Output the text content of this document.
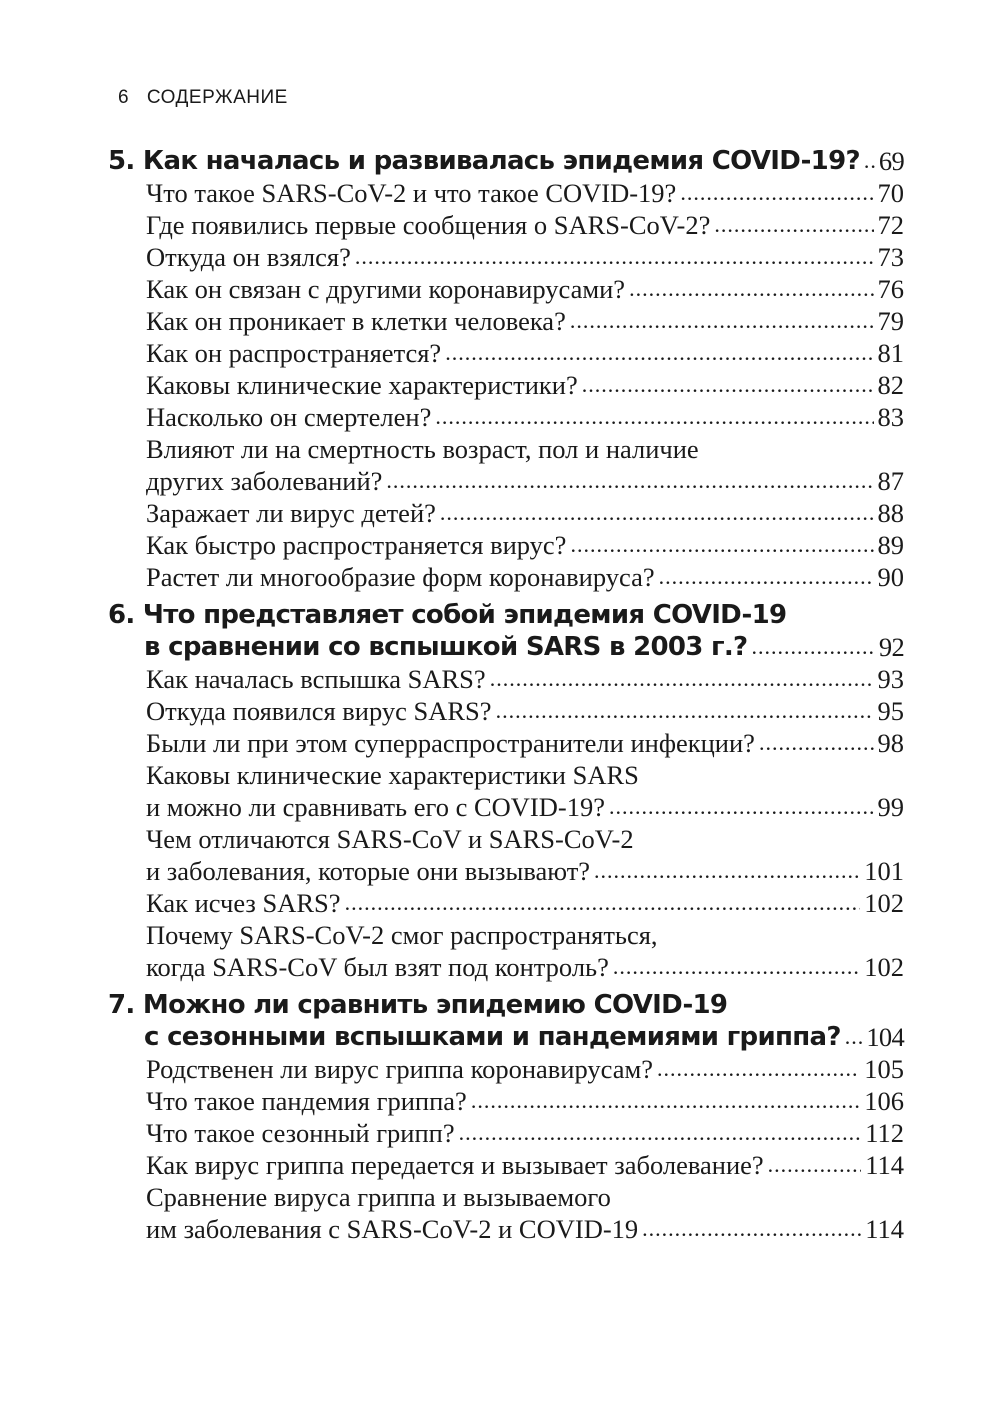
6 СОДЕРЖАНИЕ
5. Как началась и развивалась эпидемия COVID-19? ..... 69
Что такое SARS-CoV-2 и что такое COVID-19? .....	70
Где появились первые сообщения о SARS-CoV-2? .....	72
Откуда он взялся? .....	73
Как он связан с другими коронавирусами? .....	76
Как он проникает в клетки человека? .....	79
Как он распространяется? .....	81
Каковы клинические характеристики? .....	82
Насколько он смертелен? .....	83
Влияют ли на смертность возраст, пол и наличие
других заболеваний? .....	87
Заражает ли вирус детей? .....	88
Как быстро распространяется вирус? .....	89
Растет ли многообразие форм коронавируса? .....	90
6. Что представляет собой эпидемия COVID-19
в сравнении со вспышкой SARS в 2003 г.? .....	92
Как началась вспышка SARS? .....	93
Откуда появился вирус SARS? .....	95
Были ли при этом суперраспространители инфекции? .....	98
Каковы клинические характеристики SARS
и можно ли сравнивать его с COVID-19? .....	99
Чем отличаются SARS-CoV и SARS-CoV-2
и заболевания, которые они вызывают? .....	101
Как исчез SARS? .....	102
Почему SARS-CoV-2 смог распространяться,
когда SARS-CoV был взят под контроль? .....	102
7. Можно ли сравнить эпидемию COVID-19
с сезонными вспышками и пандемиями гриппа? ..... 104
Родственен ли вирус гриппа коронавирусам? .....	105
Что такое пандемия гриппа? .....	106
Что такое сезонный грипп? .....	112
Как вирус гриппа передается и вызывает заболевание? .....	114
Сравнение вируса гриппа и вызываемого
им заболевания с SARS-CoV-2 и COVID-19 .....	114
